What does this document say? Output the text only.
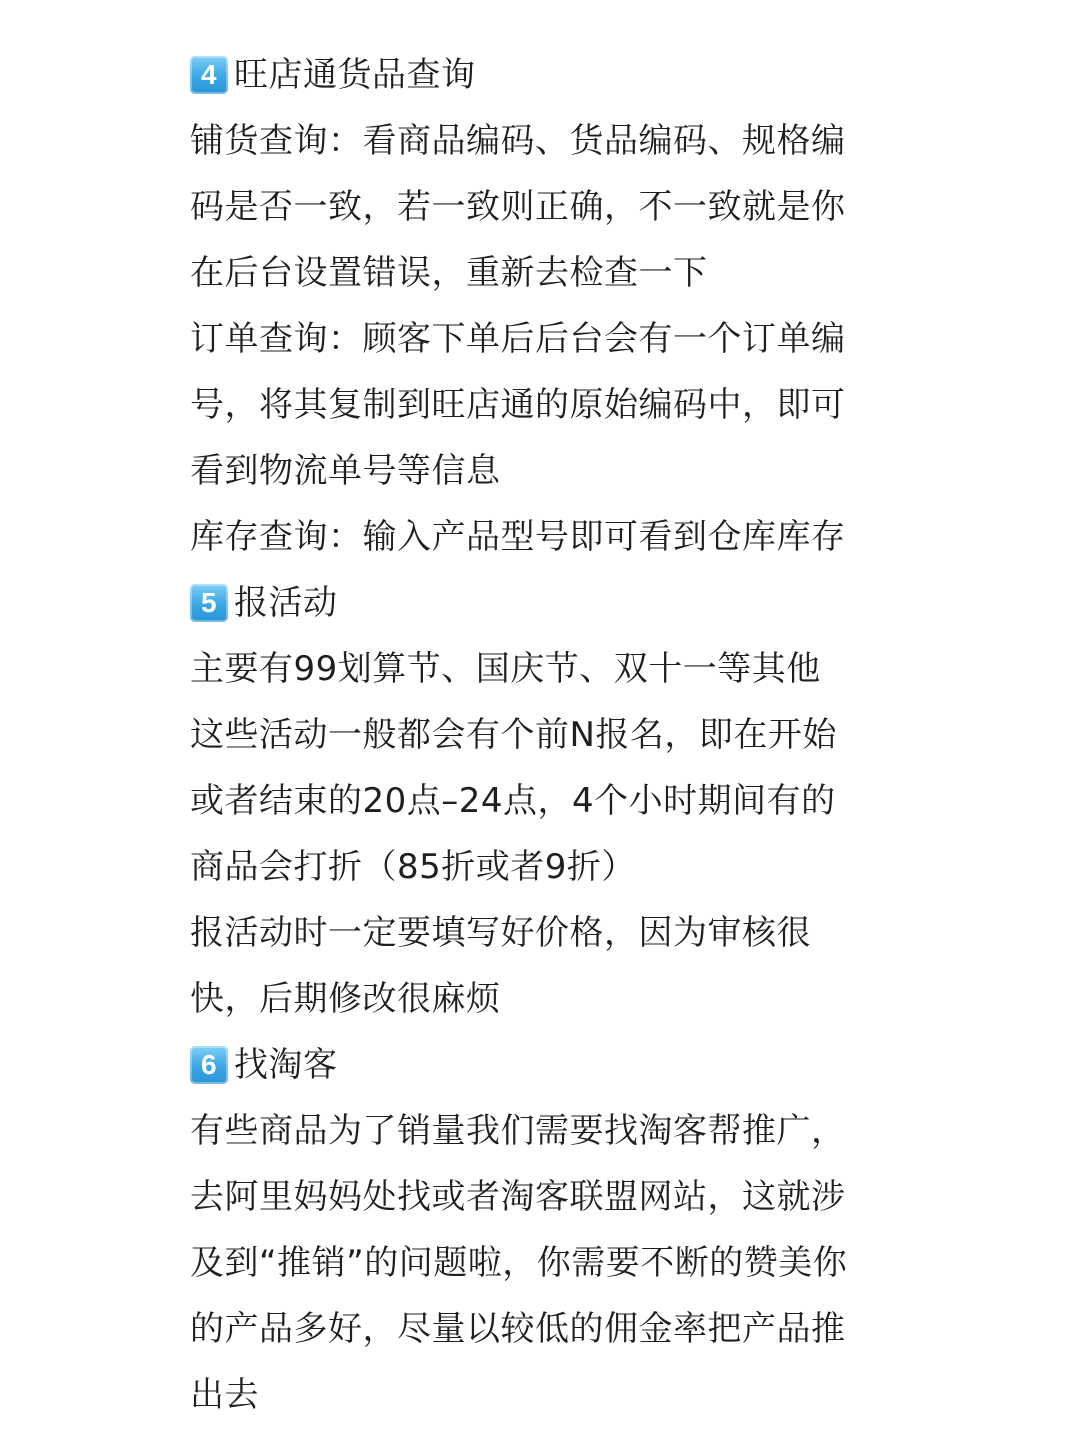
4 旺店通货品查询
铺货查询：看商品编码、货品编码、规格编
码是否一致，若一致则正确，不一致就是你
在后台设置错误，重新去检查一下
订单查询：顾客下单后后台会有一个订单编
号，将其复制到旺店通的原始编码中，即可
看到物流单号等信息
库存查询：输入产品型号即可看到仓库库存
5 报活动
主要有99划算节、国庆节、双十一等其他
这些活动一般都会有个前N报名，即在开始
或者结束的20点–24点，4个小时期间有的
商品会打折（85折或者9折）
报活动时一定要填写好价格，因为审核很
快，后期修改很麻烦
6 找淘客
有些商品为了销量我们需要找淘客帮推广，
去阿里妈妈处找或者淘客联盟网站，这就涉
及到“推销”的问题啦，你需要不断的赞美你
的产品多好，尽量以较低的佣金率把产品推
出去
